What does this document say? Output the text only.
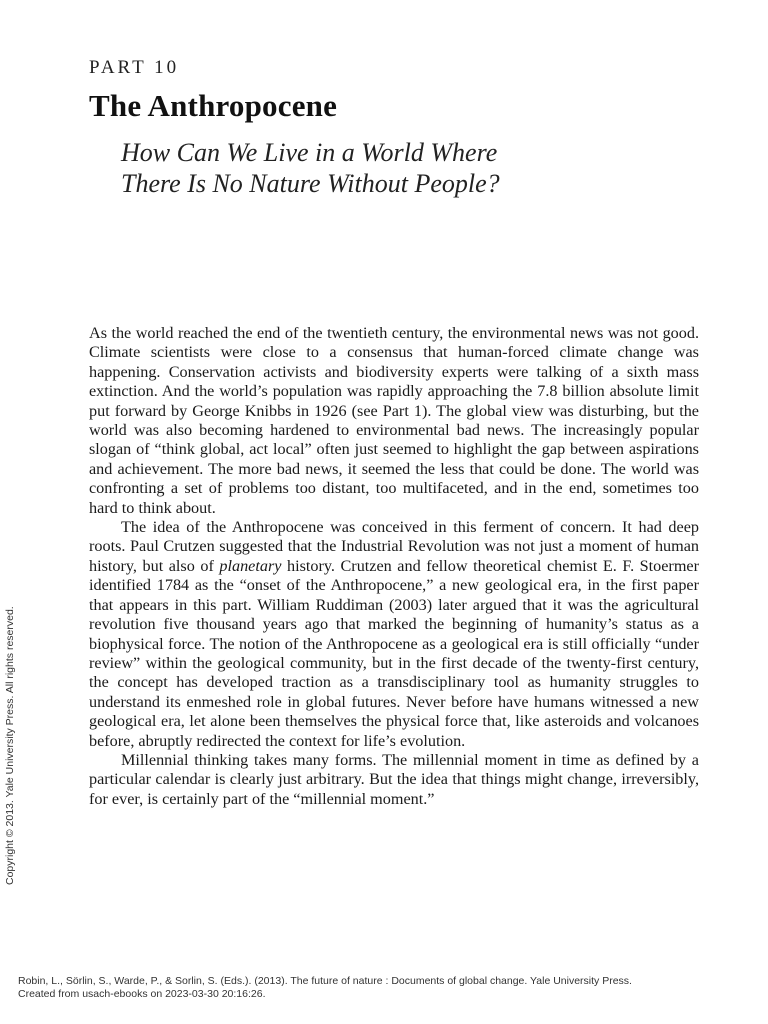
PART 10
The Anthropocene
How Can We Live in a World Where
There Is No Nature Without People?

As the world reached the end of the twentieth century, the environmental news was not good. Climate scientists were close to a consensus that human-forced climate change was happening. Conservation activists and biodiversity experts were talking of a sixth mass extinction. And the world’s population was rapidly approaching the 7.8 billion absolute limit put forward by George Knibbs in 1926 (see Part 1). The global view was disturbing, but the world was also becoming hardened to environmental bad news. The increasingly popular slogan of “think global, act local” often just seemed to highlight the gap between aspirations and achievement. The more bad news, it seemed the less that could be done. The world was confronting a set of problems too distant, too multifaceted, and in the end, sometimes too hard to think about.

The idea of the Anthropocene was conceived in this ferment of concern. It had deep roots. Paul Crutzen suggested that the Industrial Revolution was not just a moment of human history, but also of planetary history. Crutzen and fellow theoretical chemist E. F. Stoermer identified 1784 as the “onset of the Anthropocene,” a new geological era, in the first paper that appears in this part. William Ruddiman (2003) later argued that it was the agricultural revolution five thousand years ago that marked the beginning of humanity’s status as a biophysical force. The notion of the Anthropocene as a geological era is still officially “under review” within the geological community, but in the first decade of the twenty-first century, the concept has developed traction as a transdisciplinary tool as humanity struggles to understand its enmeshed role in global futures. Never before have humans witnessed a new geological era, let alone been themselves the physical force that, like asteroids and volcanoes before, abruptly redirected the context for life’s evolution.

Millennial thinking takes many forms. The millennial moment in time as defined by a particular calendar is clearly just arbitrary. But the idea that things might change, irreversibly, for ever, is certainly part of the “millennial moment.”

Copyright © 2013. Yale University Press. All rights reserved.
Robin, L., Sörlin, S., Warde, P., & Sorlin, S. (Eds.). (2013). The future of nature : Documents of global change. Yale University Press.
Created from usach-ebooks on 2023-03-30 20:16:26.
